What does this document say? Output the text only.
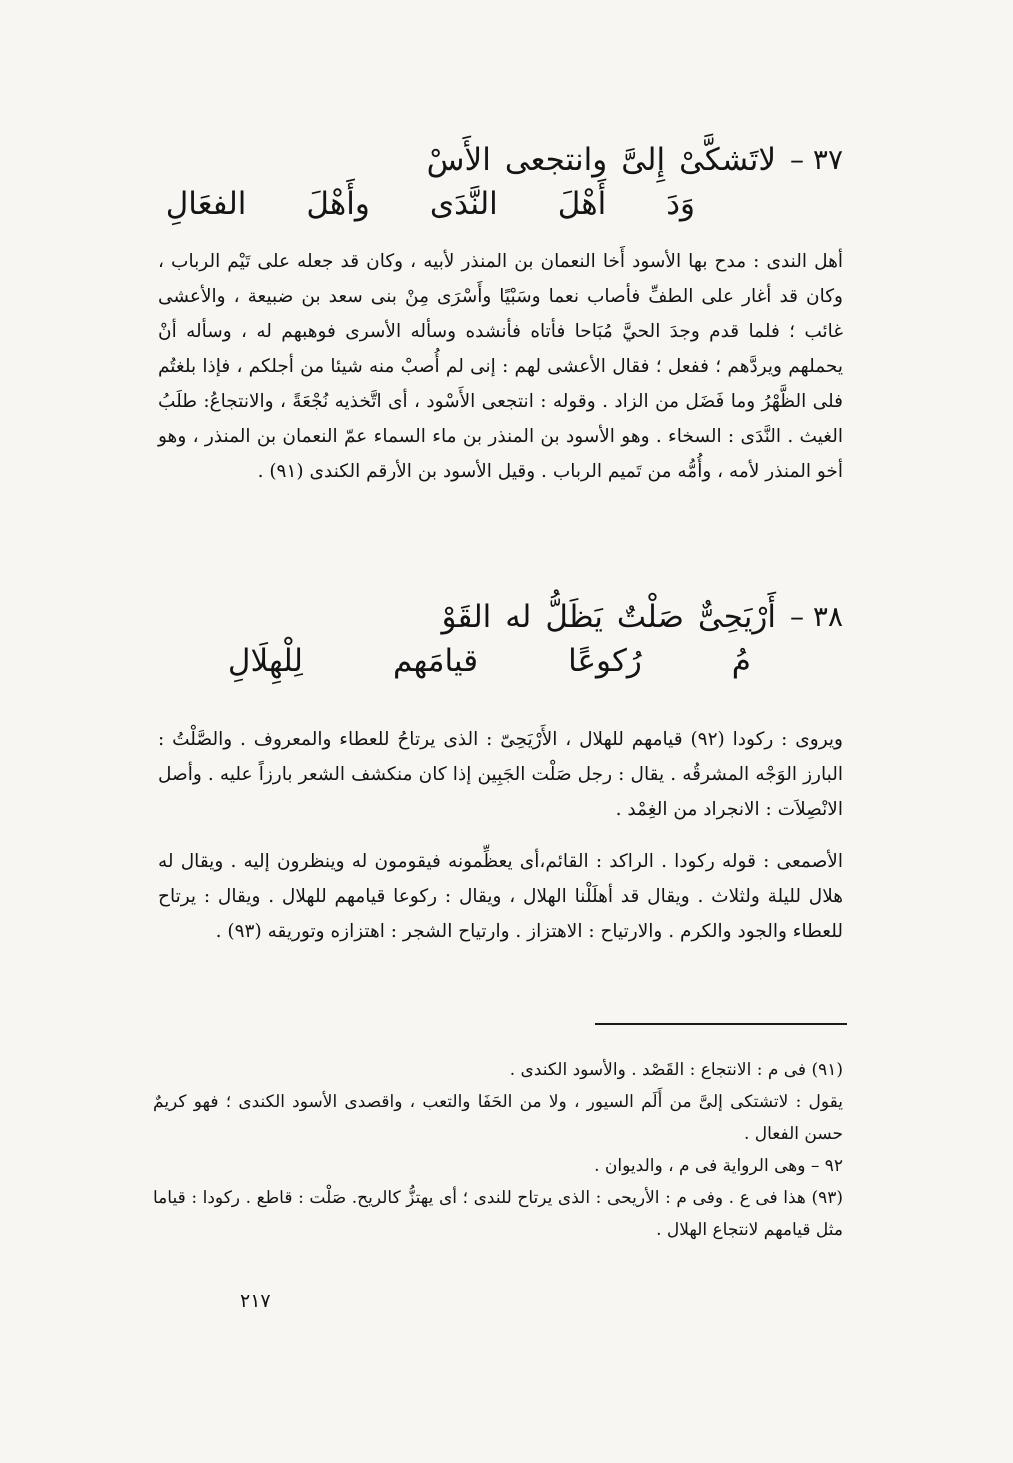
٣٧ –
لاتَشكَّىْ
إِلىَّ
وانتجعى
الأَسْ
وَدَ
أَهْلَ
النَّدَى
وأَهْلَ
الفعَالِ

أهل الندى : مدح بها الأسود أَخا النعمان بن المنذر لأبيه ، وكان قد جعله على تَيْم الرباب ، وكان قد أغار على الطفِّ فأصاب نعما وسَبْيًا وأَسْرَى مِنْ بنى سعد بن ضبيعة ، والأعشى غائب ؛ فلما قدم وجدَ الحيَّ مُبَاحا فأتاه فأنشده وسأله الأسرى فوهبهم له ، وسأله أنْ يحملهم ويردَّهم ؛ ففعل ؛ فقال الأعشى لهم : إنى لم أُصبْ منه شيئا من أجلكم ، فإذا بلغتُم فلى الظَّهْرُ وما فَضَل من الزاد . وقوله : انتجعى الأَسْود ، أى اتَّخذيه نُجْعَةً ، والانتجاعُ: طلَبُ الغيث . النَّدَى : السخاء . وهو الأسود بن المنذر بن ماء السماء عمّ النعمان بن المنذر ، وهو أخو المنذر لأمه ، وأُمُّه من تَميم الرباب . وقيل الأسود بن الأرقم الكندى (٩١) .

٣٨ –
أَرْيَحِىٌّ
صَلْتٌ
يَظَلُّ
له
القَوْ
مُ
رُكوعًا
قيامَهم
لِلْهِلَالِ

ويروى : ركودا (٩٢) قيامهم للهلال ، الأَرْيَحِىّ : الذى يرتاحُ للعطاء والمعروف . والصَّلْتُ : البارز الوَجْه المشرقُه . يقال : رجل صَلْت الجَبِين إذا كان منكشف الشعر بارزاً عليه . وأصل الانْصِلاَت : الانجراد من الغِمْد .

الأصمعى : قوله ركودا . الراكد : القائم،أى يعظِّمونه فيقومون له وينظرون إليه . ويقال له هلال لليلة ولثلاث . ويقال قد أهلَلْنا الهلال ، ويقال : ركوعا قيامهم للهلال . ويقال : يرتاح للعطاء والجود والكرم . والارتياح : الاهتزاز . وارتياح الشجر : اهتزازه وتوريقه (٩٣) .

(٩١) فى م : الانتجاع : القَصْد . والأسود الكندى .

يقول : لاتشتكى إلىَّ من أَلَم السيور ، ولا من الحَفَا والتعب ، واقصدى الأسود الكندى ؛ فهو كريمٌ حسن الفعال .

٩٢ – وهى الرواية فى م ، والديوان .

(٩٣) هذا فى ع . وفى م : الأريحى : الذى يرتاح للندى ؛ أى يهتزُّ كالريح. صَلْت : قاطع . ركودا : قياما مثل قيامهم لانتجاع الهلال .

٢١٧
